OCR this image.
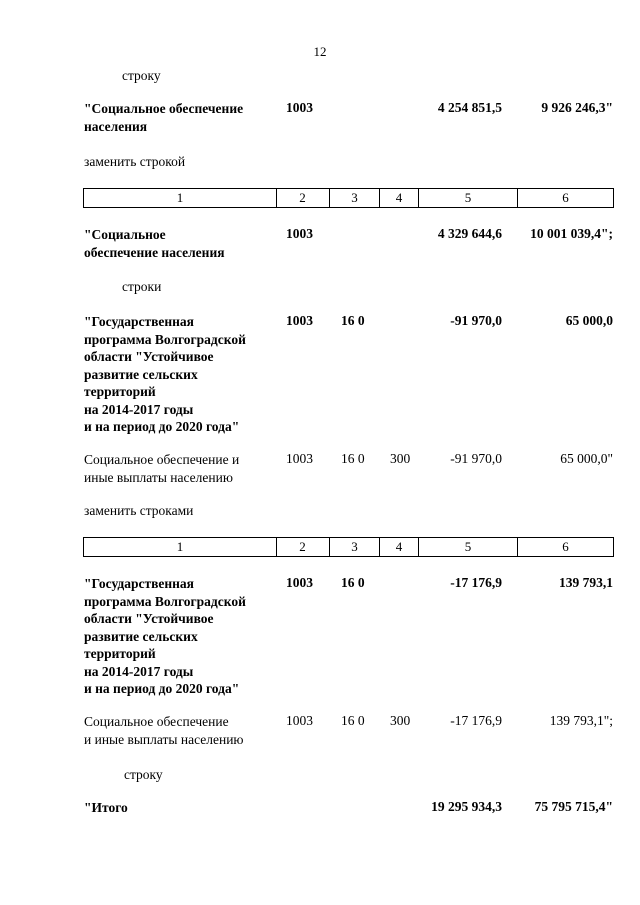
12
строку
"Социальное обеспечение
населения
1003	4 254 851,5	9 926 246,3"
заменить строкой
1	2	3	4	5	6
"Социальное
обеспечение населения
1003	4 329 644,6	10 001 039,4";
строки
"Государственная
программа Волгоградской
области "Устойчивое
развитие сельских
территорий
на 2014-2017 годы
и на период до 2020 года"
1003 16 0	-91 970,0	65 000,0
Социальное обеспечение и
иные выплаты населению
1003 16 0 300	-91 970,0	65 000,0"
заменить строками
1	2	3	4	5	6
"Государственная
программа Волгоградской
области "Устойчивое
развитие сельских
территорий
на 2014-2017 годы
и на период до 2020 года"
1003 16 0	-17 176,9	139 793,1
Социальное обеспечение
и иные выплаты населению
1003 16 0 300	-17 176,9	139 793,1";
строку
"Итого	19 295 934,3	75 795 715,4"
